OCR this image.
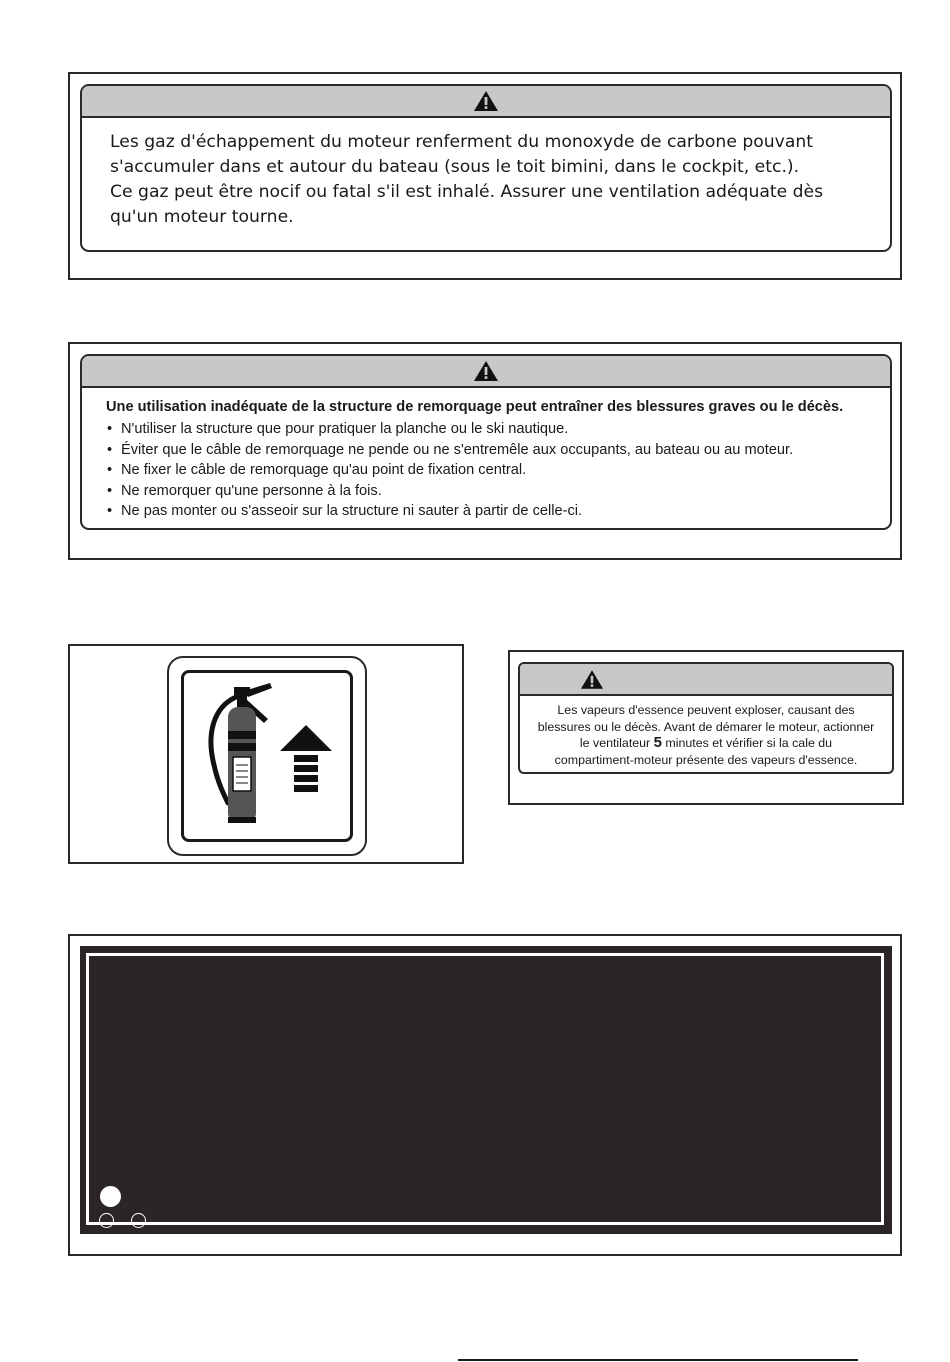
Les gaz d'échappement du moteur renferment du monoxyde de carbone pouvant
s'accumuler dans et autour du bateau (sous le toit bimini, dans le cockpit, etc.).
Ce gaz peut être nocif ou fatal s'il est inhalé. Assurer une ventilation adéquate dès
qu'un moteur tourne.
Une utilisation inadéquate de la structure de remorquage peut entraîner des blessures graves ou le décès.
• N'utiliser la structure que pour pratiquer la planche ou le ski nautique.
• Éviter que le câble de remorquage ne pende ou ne s'entremêle aux occupants, au bateau ou au moteur.
• Ne fixer le câble de remorquage qu'au point de fixation central.
• Ne remorquer qu'une personne à la fois.
• Ne pas monter ou s'asseoir sur la structure ni sauter à partir de celle-ci.
Les vapeurs d'essence peuvent exploser, causant des
blessures ou le décès. Avant de démarer le moteur, actionner
le ventilateur 5 minutes et vérifier si la cale du
compartiment-moteur présente des vapeurs d'essence.
